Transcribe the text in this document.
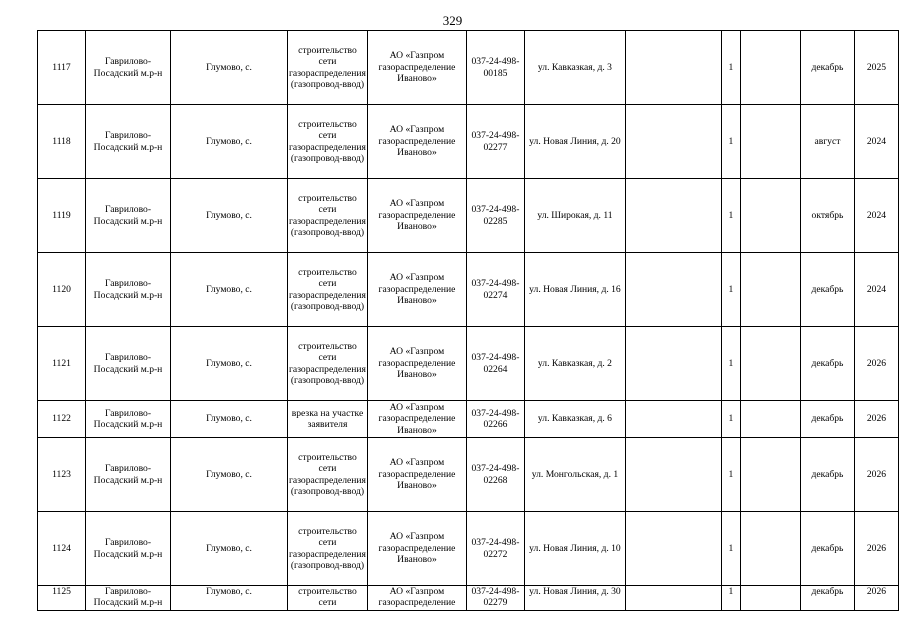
329
1117	Гаврилово-Посадский м.р-н	Глумово, с.	строительство сети газораспределения (газопровод-ввод)	АО «Газпром газораспределение Иваново»	037-24-498-00185	ул. Кавказкая, д. 3		1		декабрь	2025
1118	Гаврилово-Посадский м.р-н	Глумово, с.	строительство сети газораспределения (газопровод-ввод)	АО «Газпром газораспределение Иваново»	037-24-498-02277	ул. Новая Линия, д. 20		1		август	2024
1119	Гаврилово-Посадский м.р-н	Глумово, с.	строительство сети газораспределения (газопровод-ввод)	АО «Газпром газораспределение Иваново»	037-24-498-02285	ул. Широкая, д. 11		1		октябрь	2024
1120	Гаврилово-Посадский м.р-н	Глумово, с.	строительство сети газораспределения (газопровод-ввод)	АО «Газпром газораспределение Иваново»	037-24-498-02274	ул. Новая Линия, д. 16		1		декабрь	2024
1121	Гаврилово-Посадский м.р-н	Глумово, с.	строительство сети газораспределения (газопровод-ввод)	АО «Газпром газораспределение Иваново»	037-24-498-02264	ул. Кавказкая, д. 2		1		декабрь	2026
1122	Гаврилово-Посадский м.р-н	Глумово, с.	врезка на участке заявителя	АО «Газпром газораспределение Иваново»	037-24-498-02266	ул. Кавказкая, д. 6		1		декабрь	2026
1123	Гаврилово-Посадский м.р-н	Глумово, с.	строительство сети газораспределения (газопровод-ввод)	АО «Газпром газораспределение Иваново»	037-24-498-02268	ул. Монгольская, д. 1		1		декабрь	2026
1124	Гаврилово-Посадский м.р-н	Глумово, с.	строительство сети газораспределения (газопровод-ввод)	АО «Газпром газораспределение Иваново»	037-24-498-02272	ул. Новая Линия, д. 10		1		декабрь	2026
1125	Гаврилово-Посадский м.р-н	Глумово, с.	строительство сети	АО «Газпром газораспределение	037-24-498-02279	ул. Новая Линия, д. 30		1		декабрь	2026
